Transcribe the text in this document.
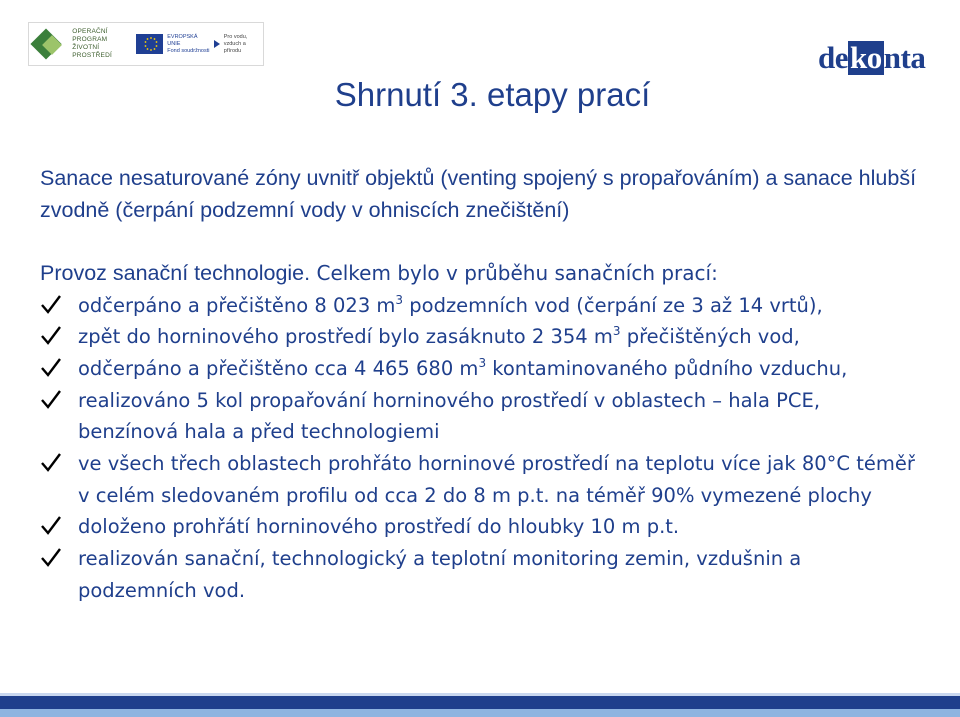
OPERAČNÍ PROGRAM
ŽIVOTNÍ PROSTŘEDÍ
EVROPSKÁ UNIE
Fond soudržnosti
Pro vodu,
vzduch a přírodu	de ko nta
Shrnutí 3. etapy prací
Sanace nesaturované zóny uvnitř objektů (venting spojený s propařováním) a sanace hlubší zvodně (čerpání podzemní vody v ohniscích znečištění)
Provoz sanační technologie. Celkem bylo v průběhu sanačních prací:
odčerpáno a přečištěno 8 023 $m^3$ podzemních vod (čerpání ze 3 až 14 vrtů),
zpět do horninového prostředí bylo zasáknuto 2 354 $m^3$ přečištěných vod,
odčerpáno a přečištěno cca 4 465 680 $m^3$ kontaminovaného půdního vzduchu,
realizováno 5 kol propařování horninového prostředí v oblastech – hala PCE, benzínová hala a před technologiemi
ve všech třech oblastech prohřáto horninové prostředí na teplotu více jak 80°C téměř v celém sledovaném profilu od cca 2 do 8 m p.t. na téměř 90% vymezené plochy
doloženo prohřátí horninového prostředí do hloubky 10 m p.t.
realizován sanační, technologický a teplotní monitoring zemin, vzdušnin a podzemních vod.
